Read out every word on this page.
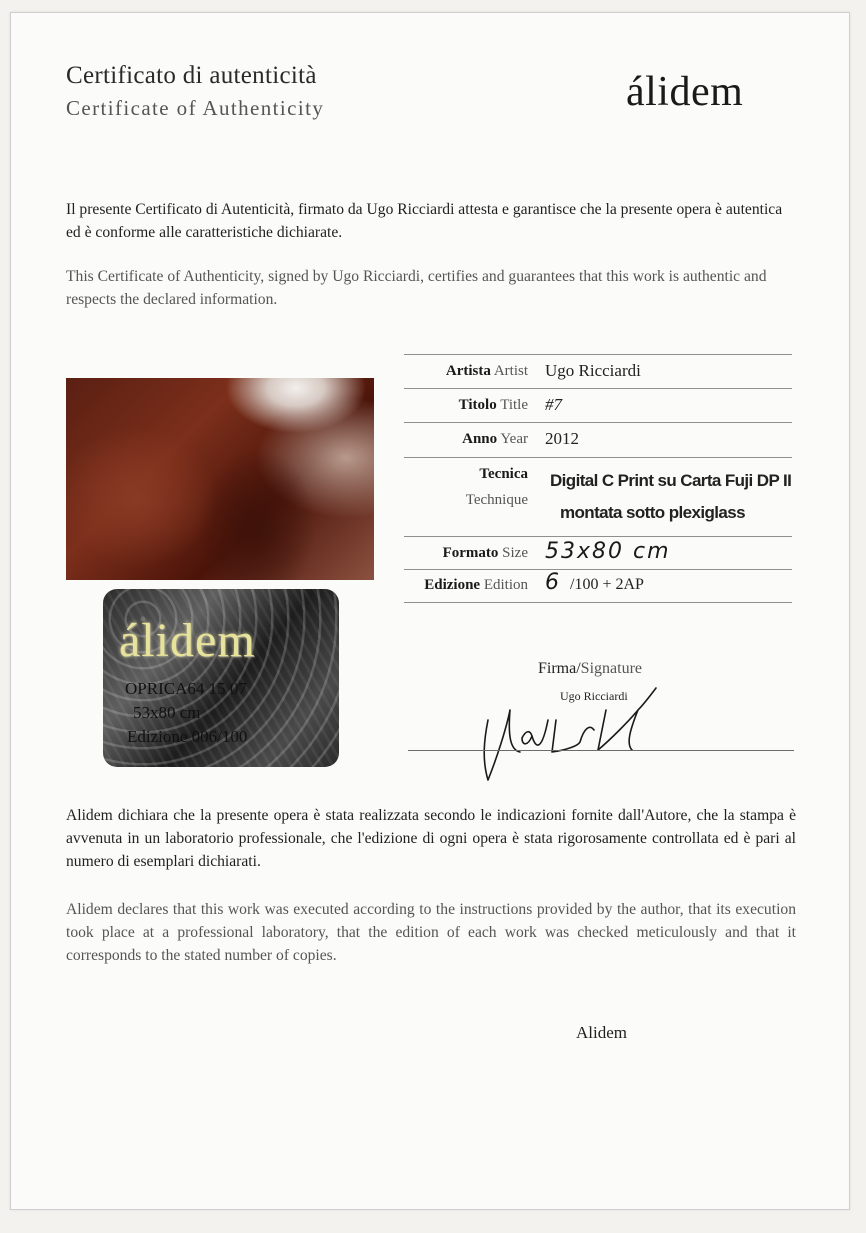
Certificato di autenticità
Certificate of Authenticity	álidem
Il presente Certificato di Autenticità, firmato da Ugo Ricciardi attesta e garantisce che la presente opera è autentica ed è conforme alle caratteristiche dichiarate.
This Certificate of Authenticity, signed by Ugo Ricciardi, certifies and guarantees that this work is authentic and respects the declared information.
álidem
OPRICA64 15 07
53x80 cm
Edizione 006/100
Artista Artist Ugo Ricciardi
Titolo Title #7
Anno Year 2012
Tecnica
Technique
Digital C Print su Carta Fuji DP II
montata sotto plexiglass
Formato Size 53x80 cm
Edizione Edition 6 /100 + 2AP
Firma/Signature
Ugo Ricciardi
Alidem dichiara che la presente opera è stata realizzata secondo le indicazioni fornite dall'Autore, che la stampa è avvenuta in un laboratorio professionale, che l'edizione di ogni opera è stata rigorosamente controllata ed è pari al numero di esemplari dichiarati.
Alidem declares that this work was executed according to the instructions provided by the author, that its execution took place at a professional laboratory, that the edition of each work was checked meticulously and that it corresponds to the stated number of copies.
Alidem
